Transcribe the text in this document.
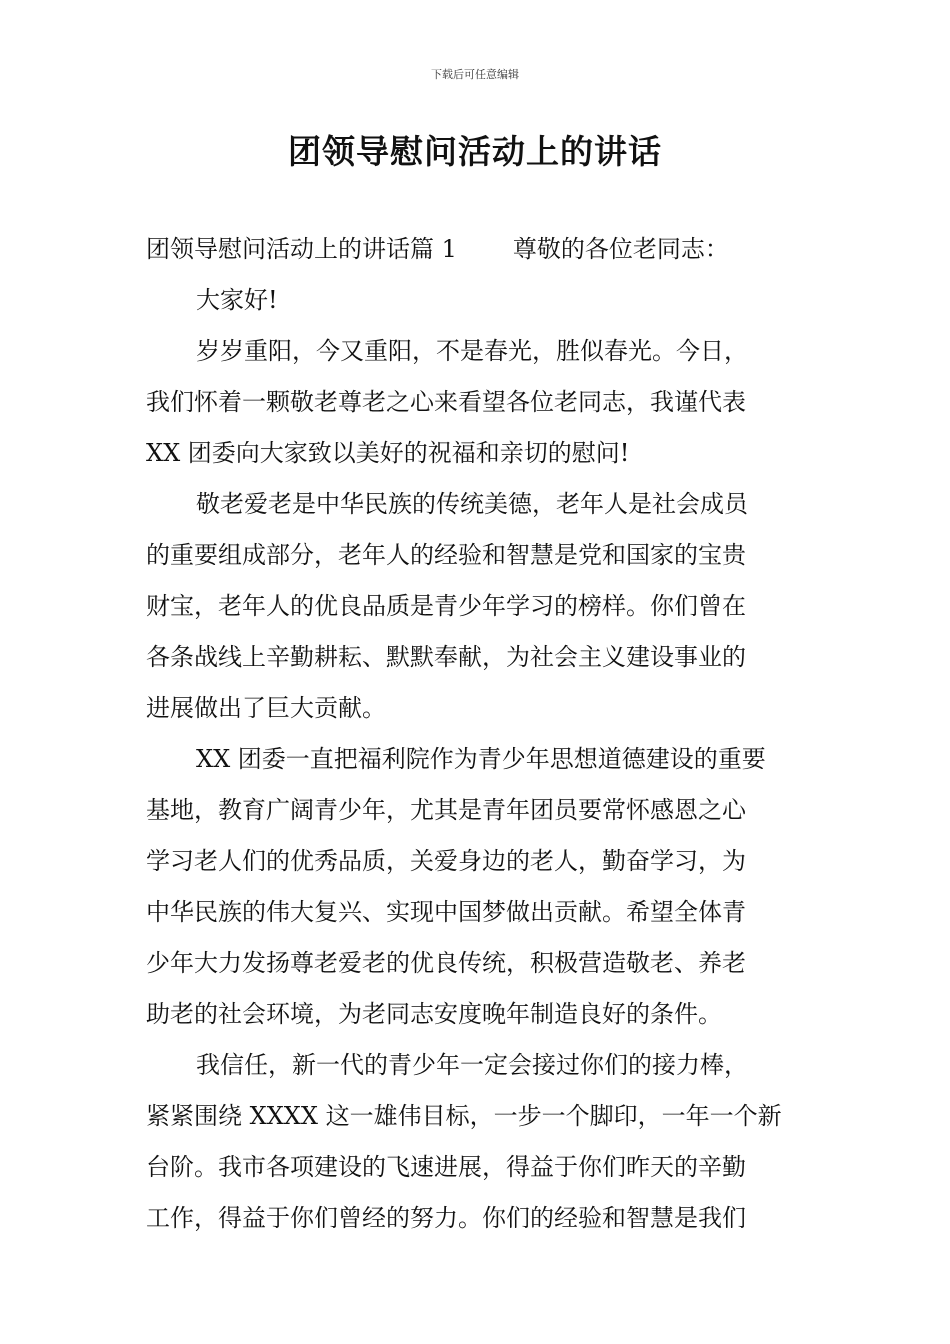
下载后可任意编辑
团领导慰问活动上的讲话
团领导慰问活动上的讲话篇 1 尊敬的各位老同志：
大家好!
岁岁重阳，今又重阳，不是春光，胜似春光。今日，
我们怀着一颗敬老尊老之心来看望各位老同志，我谨代表
XX 团委向大家致以美好的祝福和亲切的慰问!
敬老爱老是中华民族的传统美德，老年人是社会成员
的重要组成部分，老年人的经验和智慧是党和国家的宝贵
财宝，老年人的优良品质是青少年学习的榜样。你们曾在
各条战线上辛勤耕耘、默默奉献，为社会主义建设事业的
进展做出了巨大贡献。
XX 团委一直把福利院作为青少年思想道德建设的重要
基地，教育广阔青少年，尤其是青年团员要常怀感恩之心
学习老人们的优秀品质，关爱身边的老人，勤奋学习，为
中华民族的伟大复兴、实现中国梦做出贡献。希望全体青
少年大力发扬尊老爱老的优良传统，积极营造敬老、养老
助老的社会环境，为老同志安度晚年制造良好的条件。
我信任，新一代的青少年一定会接过你们的接力棒，
紧紧围绕 XXXX 这一雄伟目标，一步一个脚印，一年一个新
台阶。我市各项建设的飞速进展，得益于你们昨天的辛勤
工作，得益于你们曾经的努力。你们的经验和智慧是我们
